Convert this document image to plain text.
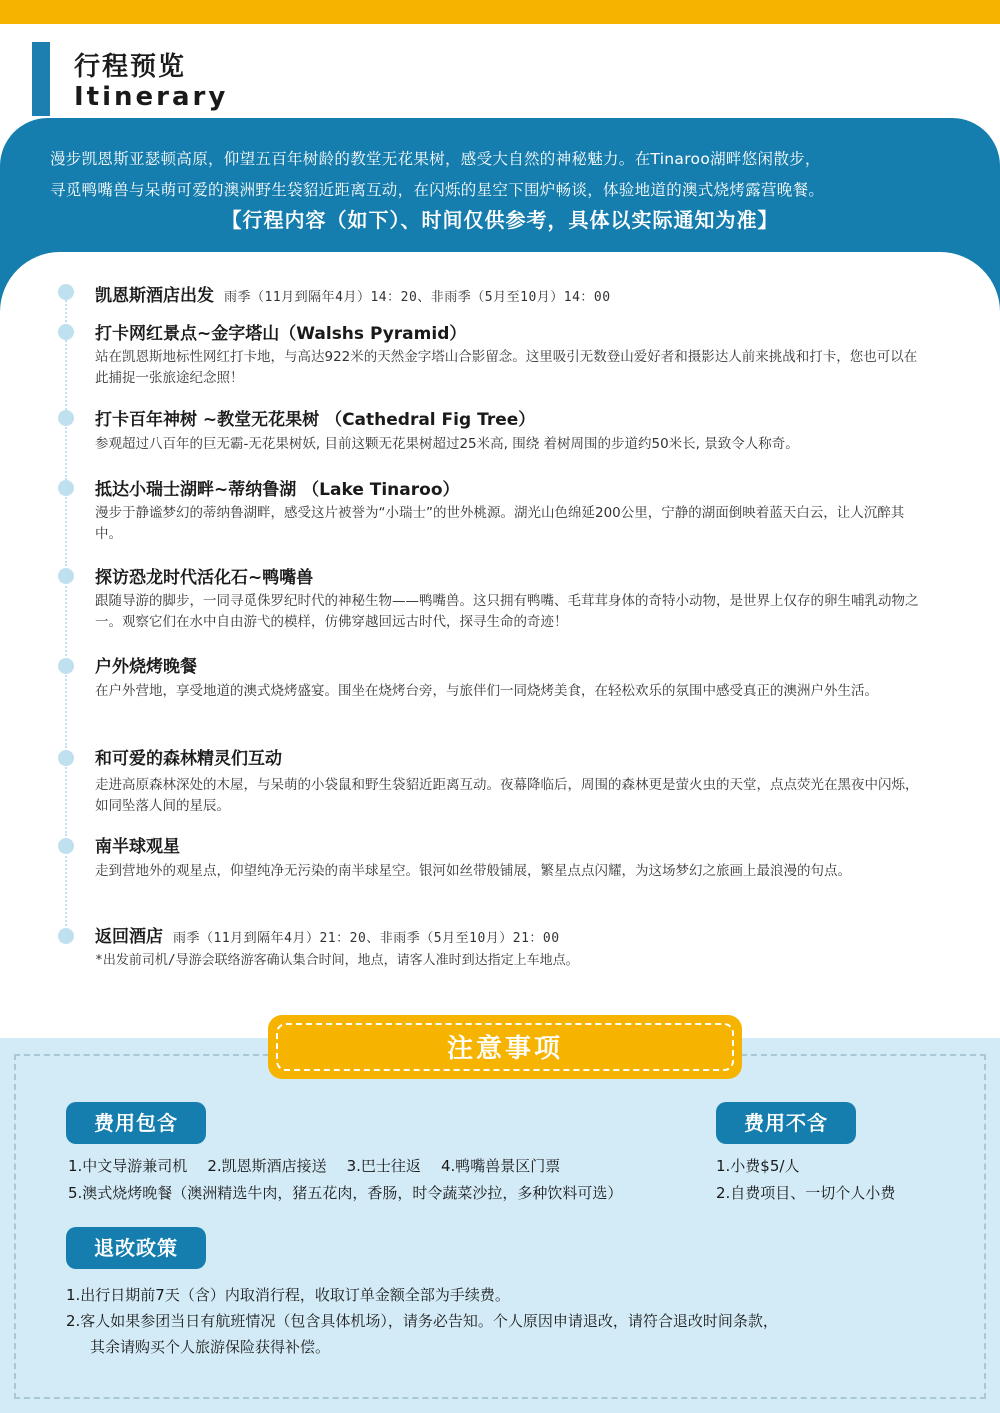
行程预览
Itinerary
漫步凯恩斯亚瑟顿高原，仰望五百年树龄的教堂无花果树，感受大自然的神秘魅力。在Tinaroo湖畔悠闲散步，
寻觅鸭嘴兽与呆萌可爱的澳洲野生袋貂近距离互动，在闪烁的星空下围炉畅谈，体验地道的澳式烧烤露营晚餐。
【行程内容（如下）、时间仅供参考，具体以实际通知为准】
凯恩斯酒店出发 雨季（11月到隔年4月）14：20、非雨季（5月至10月）14：00
打卡网红景点~金字塔山（Walshs Pyramid）
站在凯恩斯地标性网红打卡地，与高达922米的天然金字塔山合影留念。这里吸引无数登山爱好者和摄影达人前来挑战和打卡，您也可以在此捕捉一张旅途纪念照！
打卡百年神树 ~教堂无花果树 （Cathedral Fig Tree）
参观超过八百年的巨无霸-无花果树妖, 目前这颗无花果树超过25米高, 围绕 着树周围的步道约50米长, 景致令人称奇。
抵达小瑞士湖畔~蒂纳鲁湖 （Lake Tinaroo）
漫步于静谧梦幻的蒂纳鲁湖畔，感受这片被誉为“小瑞士”的世外桃源。湖光山色绵延200公里，宁静的湖面倒映着蓝天白云，让人沉醉其中。
探访恐龙时代活化石~鸭嘴兽
跟随导游的脚步，一同寻觅侏罗纪时代的神秘生物——鸭嘴兽。这只拥有鸭嘴、毛茸茸身体的奇特小动物，是世界上仅存的卵生哺乳动物之一。观察它们在水中自由游弋的模样，仿佛穿越回远古时代，探寻生命的奇迹！
户外烧烤晚餐
在户外营地，享受地道的澳式烧烤盛宴。围坐在烧烤台旁，与旅伴们一同烧烤美食，在轻松欢乐的氛围中感受真正的澳洲户外生活。
和可爱的森林精灵们互动
走进高原森林深处的木屋，与呆萌的小袋鼠和野生袋貂近距离互动。夜幕降临后，周围的森林更是萤火虫的天堂，点点荧光在黑夜中闪烁，如同坠落人间的星辰。
南半球观星
走到营地外的观星点，仰望纯净无污染的南半球星空。银河如丝带般铺展，繁星点点闪耀，为这场梦幻之旅画上最浪漫的句点。
返回酒店 雨季（11月到隔年4月）21：20、非雨季（5月至10月）21：00
*出发前司机/导游会联络游客确认集合时间，地点，请客人准时到达指定上车地点。
注意事项
费用包含
1.中文导游兼司机 2.凯恩斯酒店接送 3.巴士往返 4.鸭嘴兽景区门票
5.澳式烧烤晚餐（澳洲精选牛肉，猪五花肉，香肠，时令蔬菜沙拉，多种饮料可选）
费用不含
1.小费$5/人
2.自费项目、一切个人小费
退改政策
1.出行日期前7天（含）内取消行程，收取订单金额全部为手续费。
2.客人如果参团当日有航班情况（包含具体机场），请务必告知。个人原因申请退改，请符合退改时间条款，
其余请购买个人旅游保险获得补偿。
